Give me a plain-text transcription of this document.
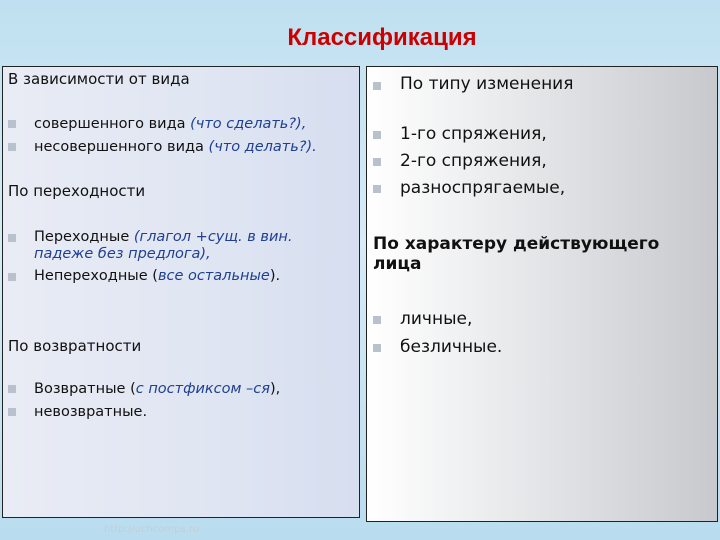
Классификация
В зависимости от вида
совершенного вида (что сделать?),
несовершенного вида (что делать?).
По переходности
Переходные (глагол +сущ. в вин.
падеже без предлога),
Непереходные (все остальные).
По возвратности
Возвратные (с постфиксом –ся),
невозвратные.
http://uchcomps.ru
По типу изменения
1-го спряжения,
2-го спряжения,
разноспрягаемые,
По характеру действующего
лица
личные,
безличные.
